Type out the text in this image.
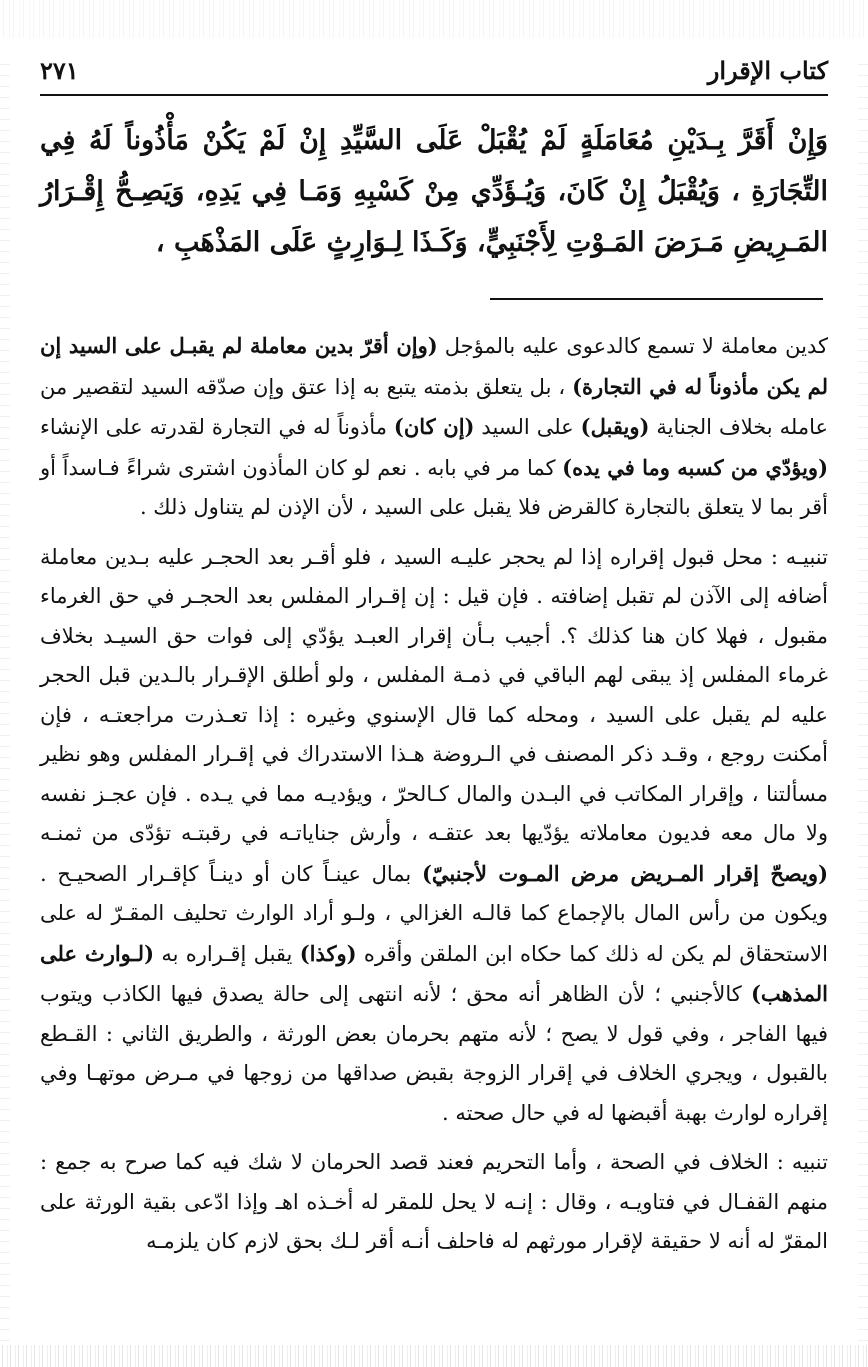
كتاب الإقرار
٢٧١

وَإِنْ أَقَرَّ بِـدَيْنِ مُعَامَلَةٍ لَمْ يُقْبَلْ عَلَى السَّيِّدِ إِنْ لَمْ يَكُنْ مَأْذُوناً لَهُ فِي التِّجَارَةِ ، وَيُقْبَلُ إِنْ كَانَ، وَيُـؤَدِّي مِنْ كَسْبِهِ وَمَـا فِي يَدِهِ، وَيَصِـحُّ إِقْـرَارُ المَـرِيضِ مَـرَضَ المَـوْتِ لِأَجْنَبِيٍّ، وَكَـذَا لِـوَارِثٍ عَلَى المَذْهَبِ ،

كدين معاملة لا تسمع كالدعوى عليه بالمؤجل (وإن أقرّ بدين معاملة لم يقبـل على السيد إن لم يكن مأذوناً له في التجارة) ، بل يتعلق بذمته يتبع به إذا عتق وإن صدّقه السيد لتقصير من عامله بخلاف الجناية (ويقبل) على السيد (إن كان) مأذوناً له في التجارة لقدرته على الإنشاء (ويؤدّي من كسبه وما في يده) كما مر في بابه . نعم لو كان المأذون اشترى شراءً فـاسداً أو أقر بما لا يتعلق بالتجارة كالقرض فلا يقبل على السيد ، لأن الإذن لم يتناول ذلك .

تنبيـه : محل قبول إقراره إذا لم يحجر عليـه السيد ، فلو أقـر بعد الحجـر عليه بـدين معاملة أضافه إلى الآذن لم تقبل إضافته . فإن قيل : إن إقـرار المفلس بعد الحجـر في حق الغرماء مقبول ، فهلا كان هنا كذلك ؟. أجيب بـأن إقرار العبـد يؤدّي إلى فوات حق السيـد بخلاف غرماء المفلس إذ يبقى لهم الباقي في ذمـة المفلس ، ولو أطلق الإقـرار بالـدين قبل الحجر عليه لم يقبل على السيد ، ومحله كما قال الإسنوي وغيره : إذا تعـذرت مراجعتـه ، فإن أمكنت روجع ، وقـد ذكر المصنف في الـروضة هـذا الاستدراك في إقـرار المفلس وهو نظير مسألتنا ، وإقرار المكاتب في البـدن والمال كـالحرّ ، ويؤديـه مما في يـده . فإن عجـز نفسه ولا مال معه فديون معاملاته يؤدّيها بعد عتقـه ، وأرش جناياتـه في رقبتـه تؤدّى من ثمنـه (ويصحّ إقرار المـريض مرض المـوت لأجنبيّ) بمال عينـاً كان أو دينـاً كإقـرار الصحيـح . ويكون من رأس المال بالإجماع كما قالـه الغزالي ، ولـو أراد الوارث تحليف المقـرّ له على الاستحقاق لم يكن له ذلك كما حكاه ابن الملقن وأقره (وكذا) يقبل إقـراره به (لـوارث على المذهب) كالأجنبي ؛ لأن الظاهر أنه محق ؛ لأنه انتهى إلى حالة يصدق فيها الكاذب ويتوب فيها الفاجر ، وفي قول لا يصح ؛ لأنه متهم بحرمان بعض الورثة ، والطريق الثاني : القـطع بالقبول ، ويجري الخلاف في إقرار الزوجة بقبض صداقها من زوجها في مـرض موتهـا وفي إقراره لوارث بهبة أقبضها له في حال صحته .

تنبيه : الخلاف في الصحة ، وأما التحريم فعند قصد الحرمان لا شك فيه كما صرح به جمع : منهم القفـال في فتاويـه ، وقال : إنـه لا يحل للمقر له أخـذه اهـ وإذا ادّعى بقية الورثة على المقرّ له أنه لا حقيقة لإقرار مورثهم له فاحلف أنـه أقر لـك بحق لازم كان يلزمـه
